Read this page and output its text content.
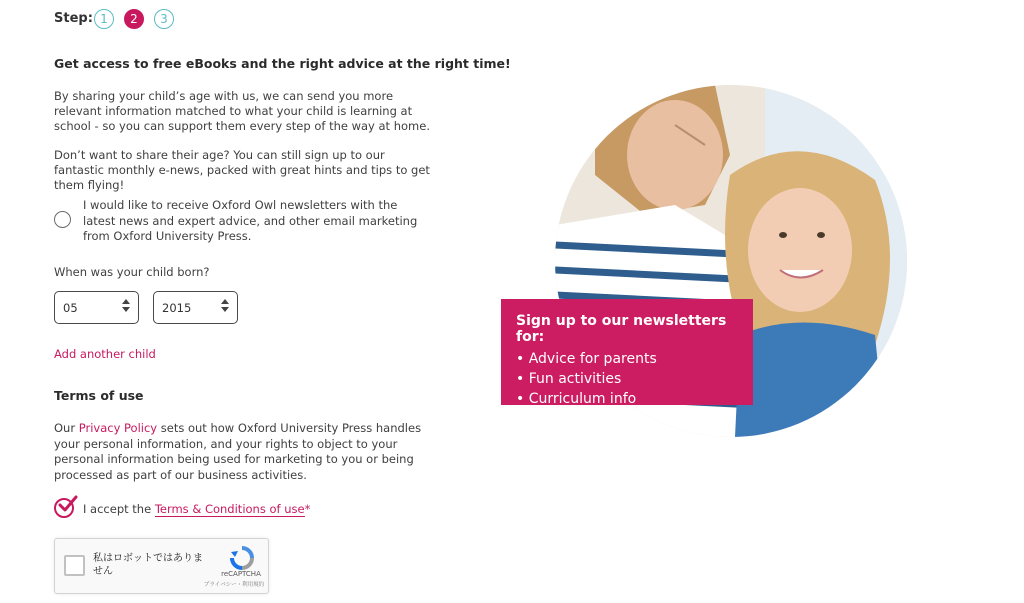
Step: 1	2	3
Get access to free eBooks and the right advice at the right time!
By sharing your child’s age with us, we can send you more relevant information matched to what your child is learning at school - so you can support them every step of the way at home.
Don’t want to share their age? You can still sign up to our fantastic monthly e-news, packed with great hints and tips to get them flying!
I would like to receive Oxford Owl newsletters with the latest news and expert advice, and other email marketing from Oxford University Press.
When was your child born?
05	2015
Add another child
Terms of use
Our Privacy Policy sets out how Oxford University Press handles your personal information, and your rights to object to your personal information being used for marketing to you or being processed as part of our business activities.
I accept the Terms & Conditions of use*
私はロボットではありません	reCAPTCHA
プライバシー・利用規約
Sign up to our newsletters for:
• Advice for parents
• Fun activities
• Curriculum info
